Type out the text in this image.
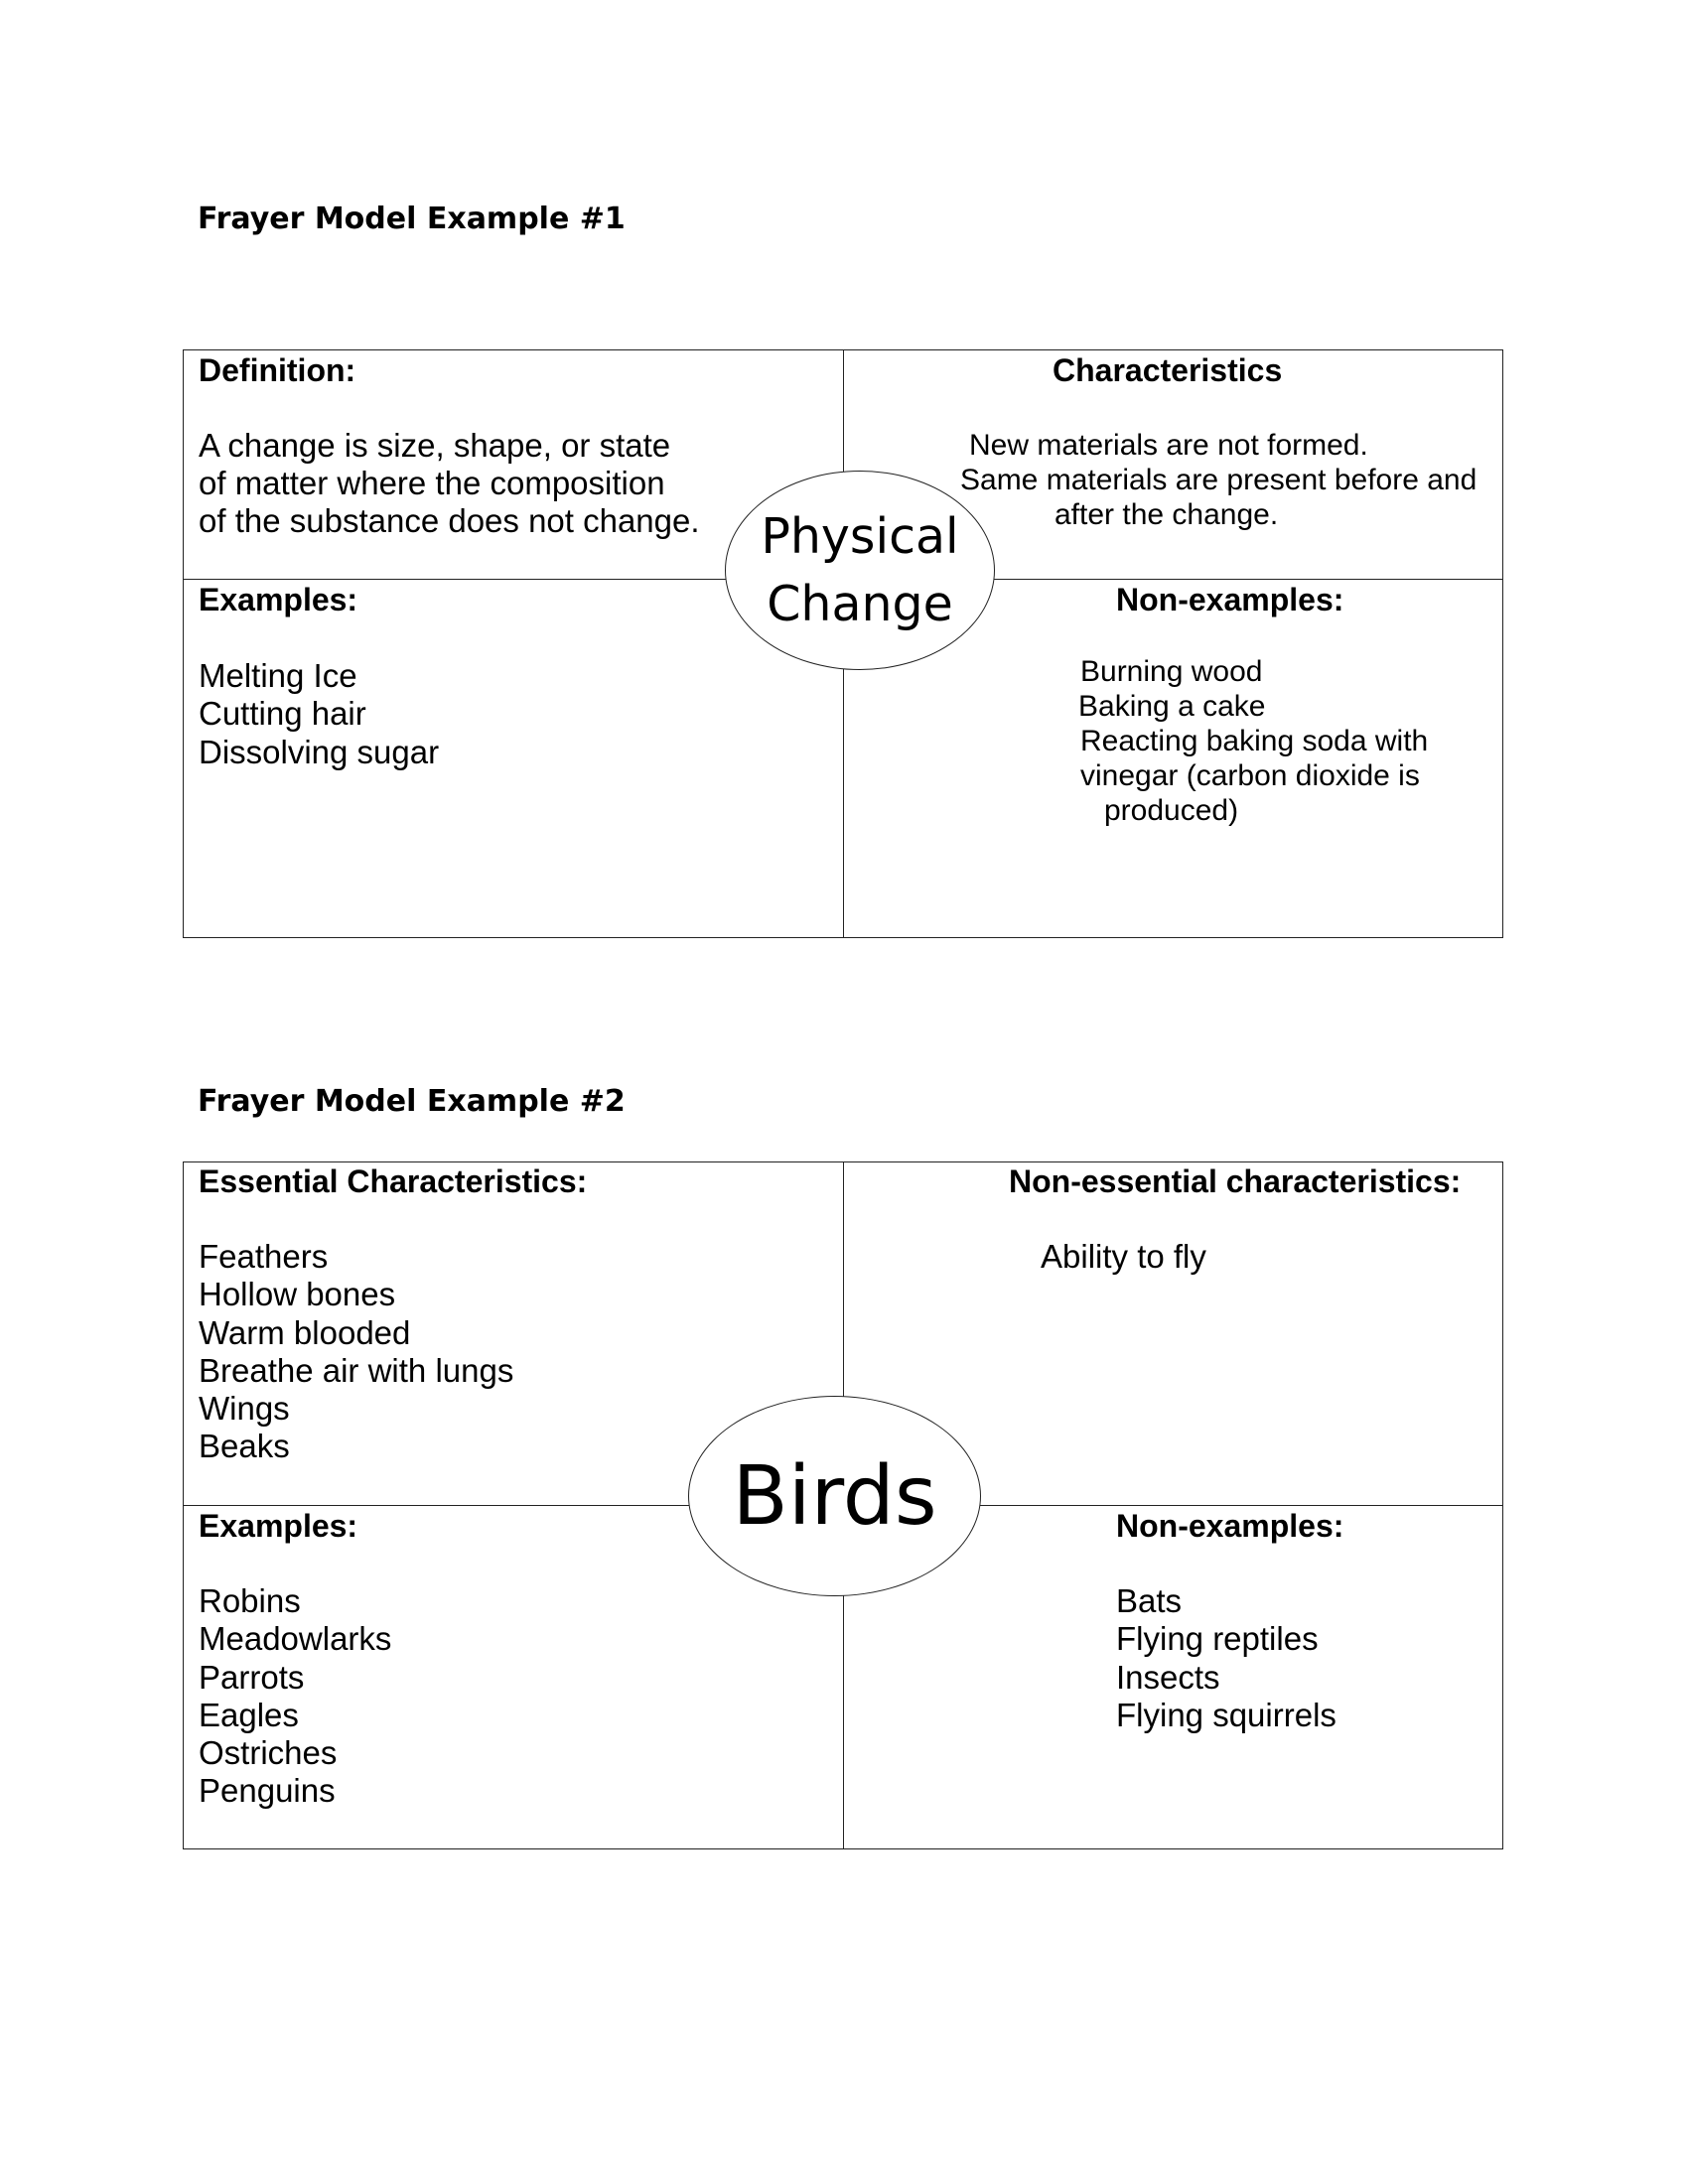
Frayer Model Example #1
Definition:

A change is size, shape, or state
of matter where the composition
of the substance does not change.

Characteristics

New materials are not formed.

Same materials are present before and

after the change.

Examples:
Melting Ice
Cutting hair
Dissolving sugar
Non-examples:

Burning wood

Baking a cake

Reacting baking soda with

vinegar (carbon dioxide is

produced)

Physical
Change
Frayer Model Example #2
Essential Characteristics:
Feathers
Hollow bones
Warm blooded
Breathe air with lungs
Wings
Beaks
Non-essential characteristics:
Ability to fly
Examples:
Robins
Meadowlarks
Parrots
Eagles
Ostriches
Penguins
Non-examples:
Bats
Flying reptiles
Insects
Flying squirrels
Birds
